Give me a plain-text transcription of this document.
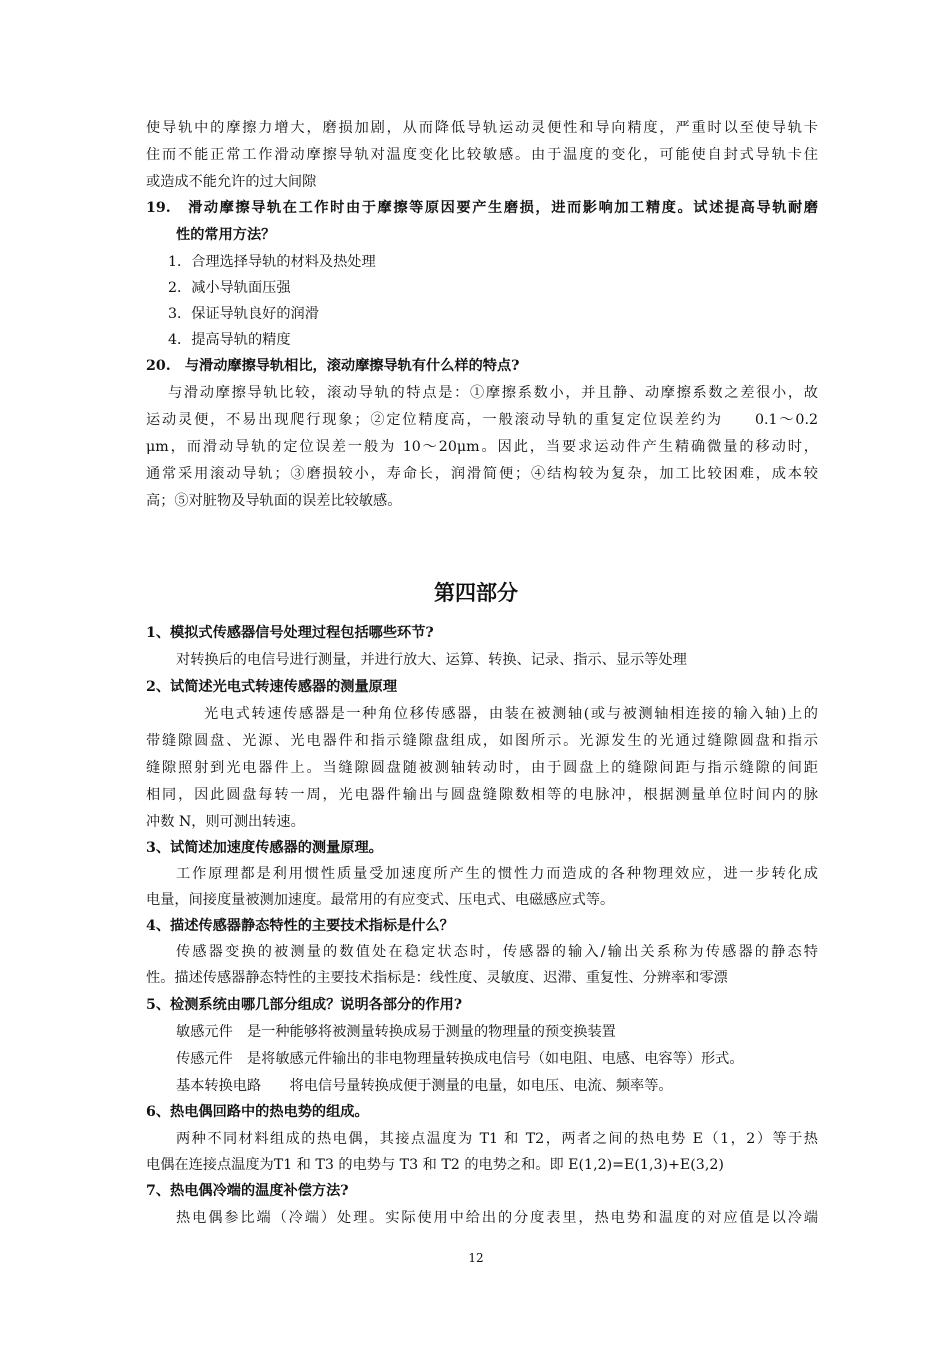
使导轨中的摩擦力增大，磨损加剧，从而降低导轨运动灵便性和导向精度，严重时以至使导轨卡
住而不能正常工作滑动摩擦导轨对温度变化比较敏感。由于温度的变化，可能使自封式导轨卡住
或造成不能允许的过大间隙
19.　滑动摩擦导轨在工作时由于摩擦等原因要产生磨损，进而影响加工精度。试述提高导轨耐磨
性的常用方法？
1．合理选择导轨的材料及热处理
2．减小导轨面压强
3．保证导轨良好的润滑
4．提高导轨的精度
20.　与滑动摩擦导轨相比，滚动摩擦导轨有什么样的特点?
与滑动摩擦导轨比较，滚动导轨的特点是：①摩擦系数小，并且静、动摩擦系数之差很小，故
运动灵便，不易出现爬行现象；②定位精度高，一般滚动导轨的重复定位误差约为　　0.1～0.2
μm，而滑动导轨的定位误差一般为 10～20μm。因此，当要求运动件产生精确微量的移动时，
通常采用滚动导轨；③磨损较小，寿命长，润滑简便；④结构较为复杂，加工比较困难，成本较
高；⑤对脏物及导轨面的误差比较敏感。
第四部分
1、模拟式传感器信号处理过程包括哪些环节?
对转换后的电信号进行测量，并进行放大、运算、转换、记录、指示、显示等处理
2、试简述光电式转速传感器的测量原理
光电式转速传感器是一种角位移传感器，由装在被测轴(或与被测轴相连接的输入轴)上的
带缝隙圆盘、光源、光电器件和指示缝隙盘组成，如图所示。光源发生的光通过缝隙圆盘和指示
缝隙照射到光电器件上。当缝隙圆盘随被测轴转动时，由于圆盘上的缝隙间距与指示缝隙的间距
相同，因此圆盘每转一周，光电器件输出与圆盘缝隙数相等的电脉冲，根据测量单位时间内的脉
冲数 N，则可测出转速。
3、试简述加速度传感器的测量原理。
工作原理都是利用惯性质量受加速度所产生的惯性力而造成的各种物理效应，进一步转化成
电量，间接度量被测加速度。最常用的有应变式、压电式、电磁感应式等。
4、描述传感器静态特性的主要技术指标是什么？
传感器变换的被测量的数值处在稳定状态时，传感器的输入/输出关系称为传感器的静态特
性。描述传感器静态特性的主要技术指标是：线性度、灵敏度、迟滞、重复性、分辨率和零漂
5、检测系统由哪几部分组成？说明各部分的作用?
敏感元件　是一种能够将被测量转换成易于测量的物理量的预变换装置
传感元件　是将敏感元件输出的非电物理量转换成电信号（如电阻、电感、电容等）形式。
基本转换电路　　将电信号量转换成便于测量的电量，如电压、电流、频率等。
6、热电偶回路中的热电势的组成。
两种不同材料组成的热电偶，其接点温度为 T1 和 T2，两者之间的热电势 E（1，2）等于热
电偶在连接点温度为T1 和 T3 的电势与 T3 和 T2 的电势之和。即 E(1,2)=E(1,3)+E(3,2)
7、热电偶冷端的温度补偿方法?
热电偶参比端（冷端）处理。实际使用中给出的分度表里，热电势和温度的对应值是以冷端
12
